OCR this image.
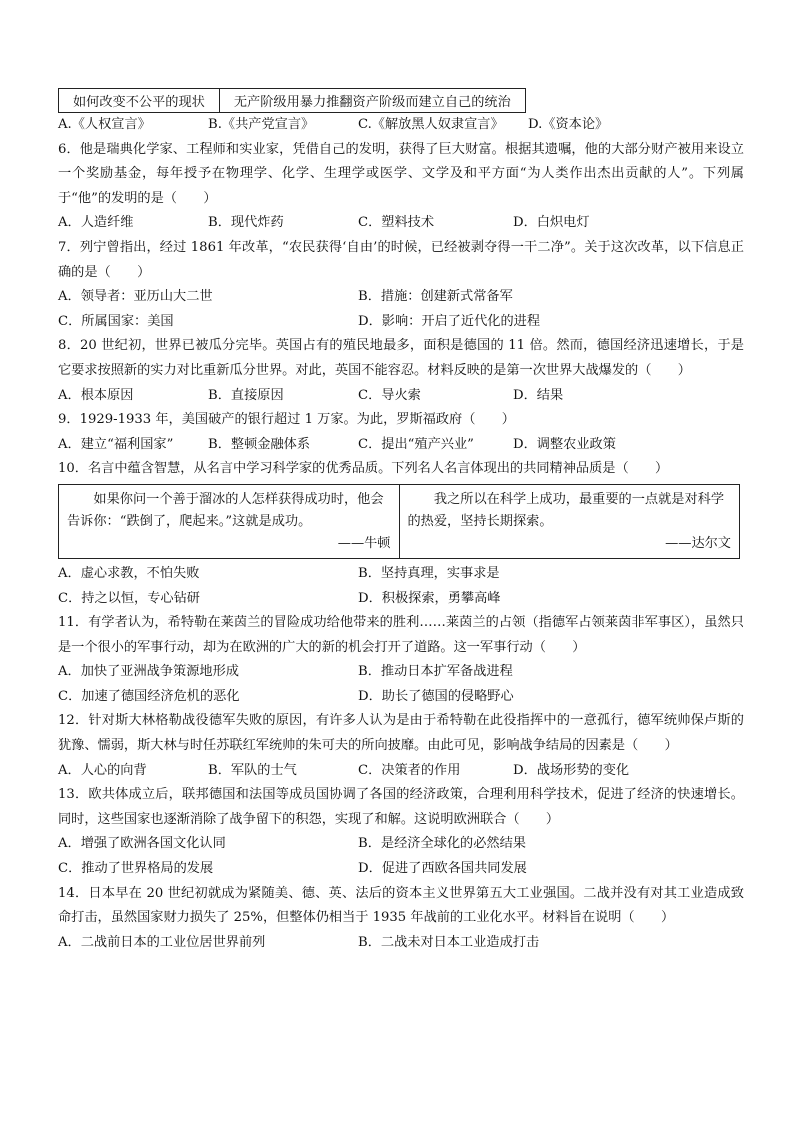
如何改变不公平的现状	无产阶级用暴力推翻资产阶级而建立自己的统治
A.《人权宣言》	B.《共产党宣言》	C.《解放黑人奴隶宣言》	D.《资本论》
6．他是瑞典化学家、工程师和实业家，凭借自己的发明，获得了巨大财富。根据其遗嘱，他的大部分财产被用来设立一个奖励基金，每年授予在物理学、化学、生理学或医学、文学及和平方面“为人类作出杰出贡献的人”。下列属于“他”的发明的是（　　）
A．人造纤维	B．现代炸药	C．塑料技术	D．白炽电灯
7．列宁曾指出，经过 1861 年改革，“农民获得‘自由’的时候，已经被剥夺得一干二净”。关于这次改革，以下信息正确的是（　　）
A．领导者：亚历山大二世	B．措施：创建新式常备军
C．所属国家：美国	D．影响：开启了近代化的进程
8．20 世纪初，世界已被瓜分完毕。英国占有的殖民地最多，面积是德国的 11 倍。然而，德国经济迅速增长，于是它要求按照新的实力对比重新瓜分世界。对此，英国不能容忍。材料反映的是第一次世界大战爆发的（　　）
A．根本原因	B．直接原因	C．导火索	D．结果
9．1929-1933 年，美国破产的银行超过 1 万家。为此，罗斯福政府（　　）
A．建立“福利国家”	B．整顿金融体系	C．提出“殖产兴业”	D．调整农业政策
10．名言中蕴含智慧，从名言中学习科学家的优秀品质。下列名人名言体现出的共同精神品质是（　　）
如果你问一个善于溜冰的人怎样获得成功时，他会告诉你：“跌倒了，爬起来。”这就是成功。
——牛顿

我之所以在科学上成功，最重要的一点就是对科学的热爱，坚持长期探索。
——达尔文
A．虚心求教，不怕失败	B．坚持真理，实事求是
C．持之以恒，专心钻研	D．积极探索，勇攀高峰
11．有学者认为，希特勒在莱茵兰的冒险成功给他带来的胜利……莱茵兰的占领（指德军占领莱茵非军事区），虽然只是一个很小的军事行动，却为在欧洲的广大的新的机会打开了道路。这一军事行动（　　）
A．加快了亚洲战争策源地形成	B．推动日本扩军备战进程
C．加速了德国经济危机的恶化	D．助长了德国的侵略野心
12．针对斯大林格勒战役德军失败的原因，有许多人认为是由于希特勒在此役指挥中的一意孤行，德军统帅保卢斯的犹豫、懦弱，斯大林与时任苏联红军统帅的朱可夫的所向披靡。由此可见，影响战争结局的因素是（　　）
A．人心的向背	B．军队的士气	C．决策者的作用	D．战场形势的变化
13．欧共体成立后，联邦德国和法国等成员国协调了各国的经济政策，合理利用科学技术，促进了经济的快速增长。同时，这些国家也逐渐消除了战争留下的积怨，实现了和解。这说明欧洲联合（　　）
A．增强了欧洲各国文化认同	B．是经济全球化的必然结果
C．推动了世界格局的发展	D．促进了西欧各国共同发展
14．日本早在 20 世纪初就成为紧随美、德、英、法后的资本主义世界第五大工业强国。二战并没有对其工业造成致命打击，虽然国家财力损失了 25%，但整体仍相当于 1935 年战前的工业化水平。材料旨在说明（　　）
A．二战前日本的工业位居世界前列	B．二战未对日本工业造成打击
